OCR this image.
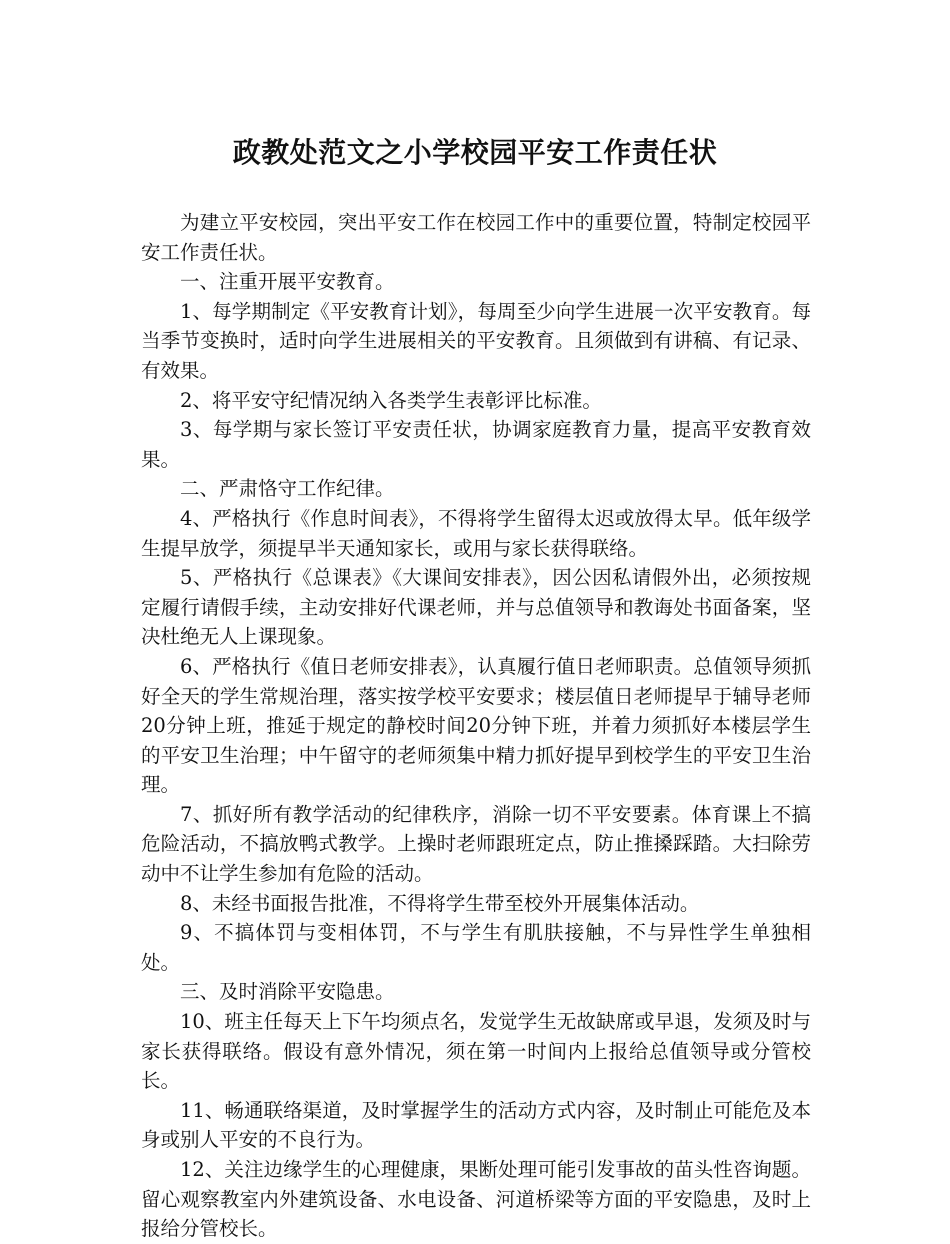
政教处范文之小学校园平安工作责任状

为建立平安校园，突出平安工作在校园工作中的重要位置，特制定校园平安工作责任状。

一、注重开展平安教育。

1、每学期制定《平安教育计划》，每周至少向学生进展一次平安教育。每当季节变换时，适时向学生进展相关的平安教育。且须做到有讲稿、有记录、有效果。

2、将平安守纪情况纳入各类学生表彰评比标准。

3、每学期与家长签订平安责任状，协调家庭教育力量，提高平安教育效果。

二、严肃恪守工作纪律。

4、严格执行《作息时间表》，不得将学生留得太迟或放得太早。低年级学生提早放学，须提早半天通知家长，或用与家长获得联络。

5、严格执行《总课表》《大课间安排表》，因公因私请假外出，必须按规定履行请假手续，主动安排好代课老师，并与总值领导和教诲处书面备案，坚决杜绝无人上课现象。

6、严格执行《值日老师安排表》，认真履行值日老师职责。总值领导须抓好全天的学生常规治理，落实按学校平安要求；楼层值日老师提早于辅导老师20分钟上班，推延于规定的静校时间20分钟下班，并着力须抓好本楼层学生的平安卫生治理；中午留守的老师须集中精力抓好提早到校学生的平安卫生治理。

7、抓好所有教学活动的纪律秩序，消除一切不平安要素。体育课上不搞危险活动，不搞放鸭式教学。上操时老师跟班定点，防止推搡踩踏。大扫除劳动中不让学生参加有危险的活动。

8、未经书面报告批准，不得将学生带至校外开展集体活动。

9、不搞体罚与变相体罚，不与学生有肌肤接触，不与异性学生单独相处。

三、及时消除平安隐患。

10、班主任每天上下午均须点名，发觉学生无故缺席或早退，发须及时与家长获得联络。假设有意外情况，须在第一时间内上报给总值领导或分管校长。

11、畅通联络渠道，及时掌握学生的活动方式内容，及时制止可能危及本身或别人平安的不良行为。

12、关注边缘学生的心理健康，果断处理可能引发事故的苗头性咨询题。留心观察教室内外建筑设备、水电设备、河道桥梁等方面的平安隐患，及时上报给分管校长。
